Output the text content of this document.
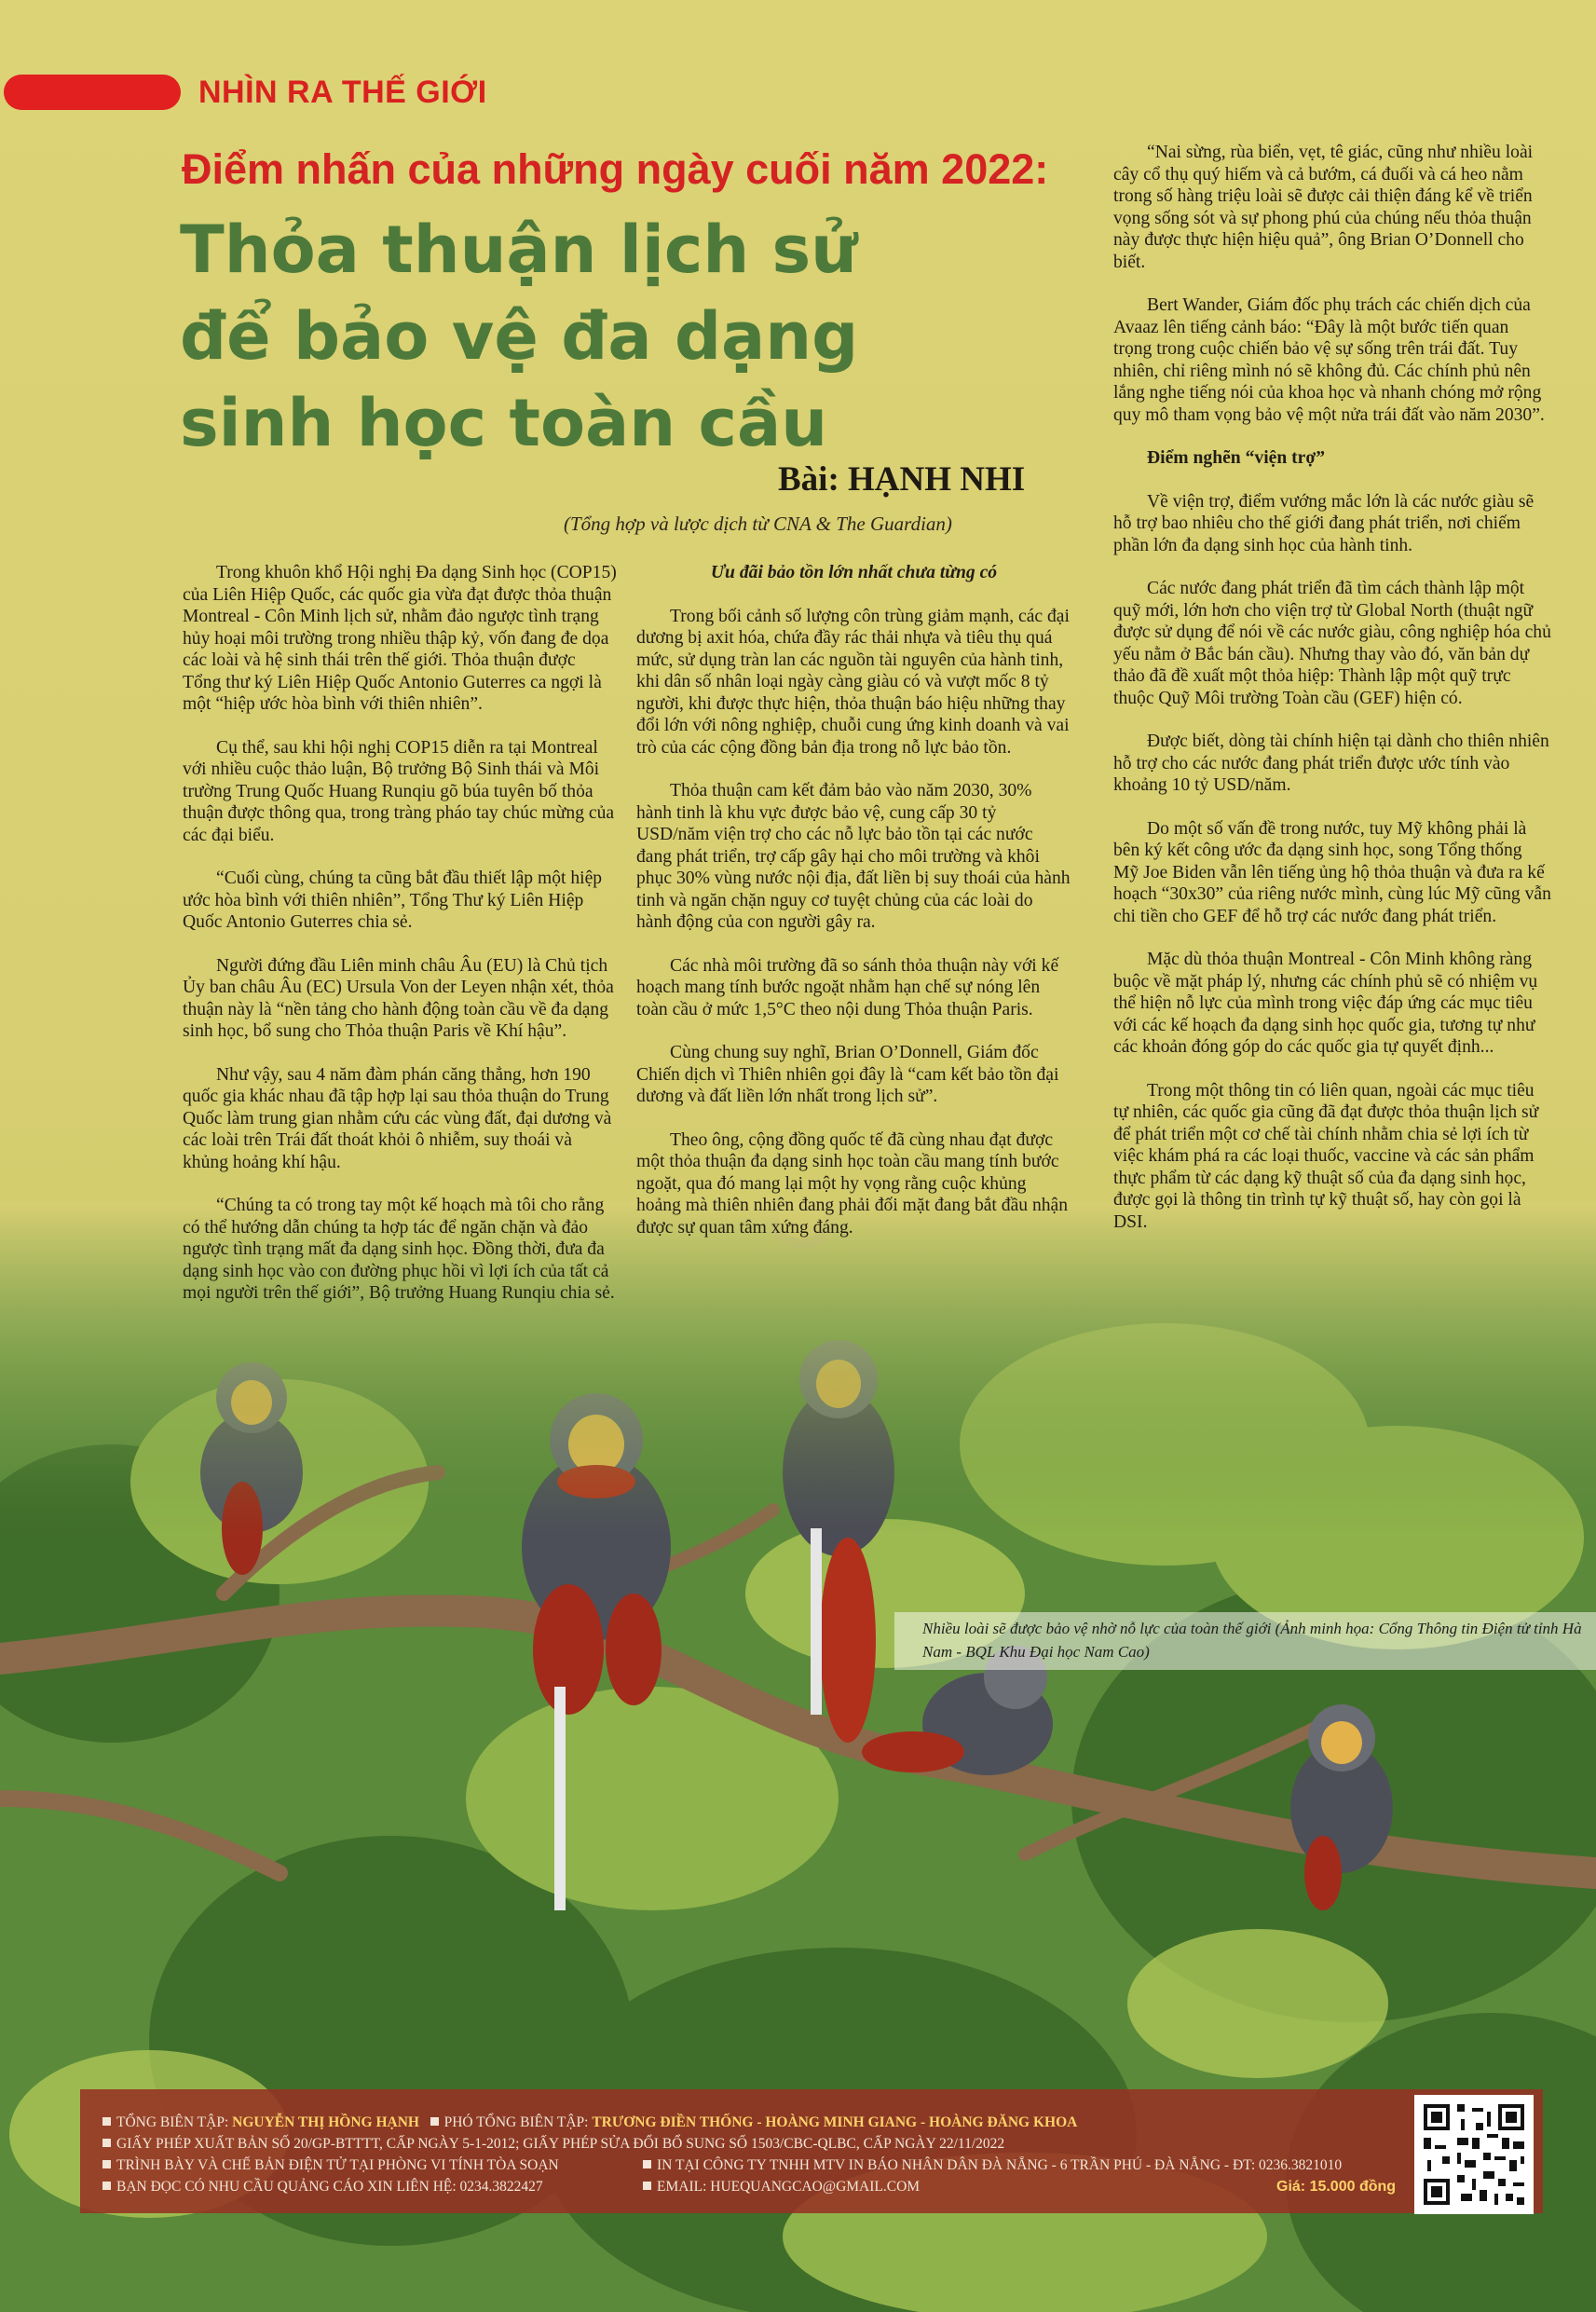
NHÌN RA THẾ GIỚI
Điểm nhấn của những ngày cuối năm 2022:
Thỏa thuận lịch sử
để bảo vệ đa dạng
sinh học toàn cầu
Bài: HẠNH NHI
(Tổng hợp và lược dịch từ CNA & The Guardian)

Trong khuôn khổ Hội nghị Đa dạng Sinh học (COP15) của Liên Hiệp Quốc, các quốc gia vừa đạt được thỏa thuận Montreal - Côn Minh lịch sử, nhằm đảo ngược tình trạng hủy hoại môi trường trong nhiều thập kỷ, vốn đang đe dọa các loài và hệ sinh thái trên thế giới. Thỏa thuận được Tổng thư ký Liên Hiệp Quốc Antonio Guterres ca ngợi là một “hiệp ước hòa bình với thiên nhiên”.

Cụ thể, sau khi hội nghị COP15 diễn ra tại Montreal với nhiều cuộc thảo luận, Bộ trưởng Bộ Sinh thái và Môi trường Trung Quốc Huang Runqiu gõ búa tuyên bố thỏa thuận được thông qua, trong tràng pháo tay chúc mừng của các đại biểu.

“Cuối cùng, chúng ta cũng bắt đầu thiết lập một hiệp ước hòa bình với thiên nhiên”, Tổng Thư ký Liên Hiệp Quốc Antonio Guterres chia sẻ.

Người đứng đầu Liên minh châu Âu (EU) là Chủ tịch Ủy ban châu Âu (EC) Ursula Von der Leyen nhận xét, thỏa thuận này là “nền tảng cho hành động toàn cầu về đa dạng sinh học, bổ sung cho Thỏa thuận Paris về Khí hậu”.

Như vậy, sau 4 năm đàm phán căng thẳng, hơn 190 quốc gia khác nhau đã tập hợp lại sau thỏa thuận do Trung Quốc làm trung gian nhằm cứu các vùng đất, đại dương và các loài trên Trái đất thoát khỏi ô nhiễm, suy thoái và khủng hoảng khí hậu.

“Chúng ta có trong tay một kế hoạch mà tôi cho rằng có thể hướng dẫn chúng ta hợp tác để ngăn chặn và đảo ngược tình trạng mất đa dạng sinh học. Đồng thời, đưa đa dạng sinh học vào con đường phục hồi vì lợi ích của tất cả mọi người trên thế giới”, Bộ trưởng Huang Runqiu chia sẻ.

Ưu đãi bảo tồn lớn nhất chưa từng có

Trong bối cảnh số lượng côn trùng giảm mạnh, các đại dương bị axit hóa, chứa đầy rác thải nhựa và tiêu thụ quá mức, sử dụng tràn lan các nguồn tài nguyên của hành tinh, khi dân số nhân loại ngày càng giàu có và vượt mốc 8 tỷ người, khi được thực hiện, thỏa thuận báo hiệu những thay đổi lớn với nông nghiệp, chuỗi cung ứng kinh doanh và vai trò của các cộng đồng bản địa trong nỗ lực bảo tồn.

Thỏa thuận cam kết đảm bảo vào năm 2030, 30% hành tinh là khu vực được bảo vệ, cung cấp 30 tỷ USD/năm viện trợ cho các nỗ lực bảo tồn tại các nước đang phát triển, trợ cấp gây hại cho môi trường và khôi phục 30% vùng nước nội địa, đất liền bị suy thoái của hành tinh và ngăn chặn nguy cơ tuyệt chủng của các loài do hành động của con người gây ra.

Các nhà môi trường đã so sánh thỏa thuận này với kế hoạch mang tính bước ngoặt nhằm hạn chế sự nóng lên toàn cầu ở mức 1,5°C theo nội dung Thỏa thuận Paris.

Cùng chung suy nghĩ, Brian O’Donnell, Giám đốc Chiến dịch vì Thiên nhiên gọi đây là “cam kết bảo tồn đại dương và đất liền lớn nhất trong lịch sử”.

Theo ông, cộng đồng quốc tế đã cùng nhau đạt được một thỏa thuận đa dạng sinh học toàn cầu mang tính bước ngoặt, qua đó mang lại một hy vọng rằng cuộc khủng hoảng mà thiên nhiên đang phải đối mặt đang bắt đầu nhận được sự quan tâm xứng đáng.

“Nai sừng, rùa biển, vẹt, tê giác, cũng như nhiều loài cây cổ thụ quý hiếm và cả bướm, cá đuối và cá heo nằm trong số hàng triệu loài sẽ được cải thiện đáng kể về triển vọng sống sót và sự phong phú của chúng nếu thỏa thuận này được thực hiện hiệu quả”, ông Brian O’Donnell cho biết.

Bert Wander, Giám đốc phụ trách các chiến dịch của Avaaz lên tiếng cảnh báo: “Đây là một bước tiến quan trọng trong cuộc chiến bảo vệ sự sống trên trái đất. Tuy nhiên, chỉ riêng mình nó sẽ không đủ. Các chính phủ nên lắng nghe tiếng nói của khoa học và nhanh chóng mở rộng quy mô tham vọng bảo vệ một nửa trái đất vào năm 2030”.

Điểm nghẽn “viện trợ”

Về viện trợ, điểm vướng mắc lớn là các nước giàu sẽ hỗ trợ bao nhiêu cho thế giới đang phát triển, nơi chiếm phần lớn đa dạng sinh học của hành tinh.

Các nước đang phát triển đã tìm cách thành lập một quỹ mới, lớn hơn cho viện trợ từ Global North (thuật ngữ được sử dụng để nói về các nước giàu, công nghiệp hóa chủ yếu nằm ở Bắc bán cầu). Nhưng thay vào đó, văn bản dự thảo đã đề xuất một thỏa hiệp: Thành lập một quỹ trực thuộc Quỹ Môi trường Toàn cầu (GEF) hiện có.

Được biết, dòng tài chính hiện tại dành cho thiên nhiên hỗ trợ cho các nước đang phát triển được ước tính vào khoảng 10 tỷ USD/năm.

Do một số vấn đề trong nước, tuy Mỹ không phải là bên ký kết công ước đa dạng sinh học, song Tổng thống Mỹ Joe Biden vẫn lên tiếng ủng hộ thỏa thuận và đưa ra kế hoạch “30x30” của riêng nước mình, cùng lúc Mỹ cũng vẫn chi tiền cho GEF để hỗ trợ các nước đang phát triển.

Mặc dù thỏa thuận Montreal - Côn Minh không ràng buộc về mặt pháp lý, nhưng các chính phủ sẽ có nhiệm vụ thể hiện nỗ lực của mình trong việc đáp ứng các mục tiêu với các kế hoạch đa dạng sinh học quốc gia, tương tự như các khoản đóng góp do các quốc gia tự quyết định...

Trong một thông tin có liên quan, ngoài các mục tiêu tự nhiên, các quốc gia cũng đã đạt được thỏa thuận lịch sử để phát triển một cơ chế tài chính nhằm chia sẻ lợi ích từ việc khám phá ra các loại thuốc, vaccine và các sản phẩm thực phẩm từ các dạng kỹ thuật số của đa dạng sinh học, được gọi là thông tin trình tự kỹ thuật số, hay còn gọi là DSI.

Nhiều loài sẽ được bảo vệ nhờ nỗ lực của toàn thế giới (Ảnh minh họa: Cổng Thông tin Điện tử tỉnh Hà Nam - BQL Khu Đại học Nam Cao)
TỔNG BIÊN TẬP: NGUYỄN THỊ HỒNG HẠNH PHÓ TỔNG BIÊN TẬP: TRƯƠNG ĐIỀN THỐNG - HOÀNG MINH GIANG - HOÀNG ĐĂNG KHOA
GIẤY PHÉP XUẤT BẢN SỐ 20/GP-BTTTT, CẤP NGÀY 5-1-2012; GIẤY PHÉP SỬA ĐỔI BỔ SUNG SỐ 1503/CBC-QLBC, CẤP NGÀY 22/11/2022
TRÌNH BÀY VÀ CHẾ BẢN ĐIỆN TỬ TẠI PHÒNG VI TÍNH TÒA SOẠN	IN TẠI CÔNG TY TNHH MTV IN BÁO NHÂN DÂN ĐÀ NẴNG - 6 TRẦN PHÚ - ĐÀ NẴNG - ĐT: 0236.3821010
BẠN ĐỌC CÓ NHU CẦU QUẢNG CÁO XIN LIÊN HỆ: 0234.3822427	EMAIL: HUEQUANGCAO@GMAIL.COM	Giá: 15.000 đồng
